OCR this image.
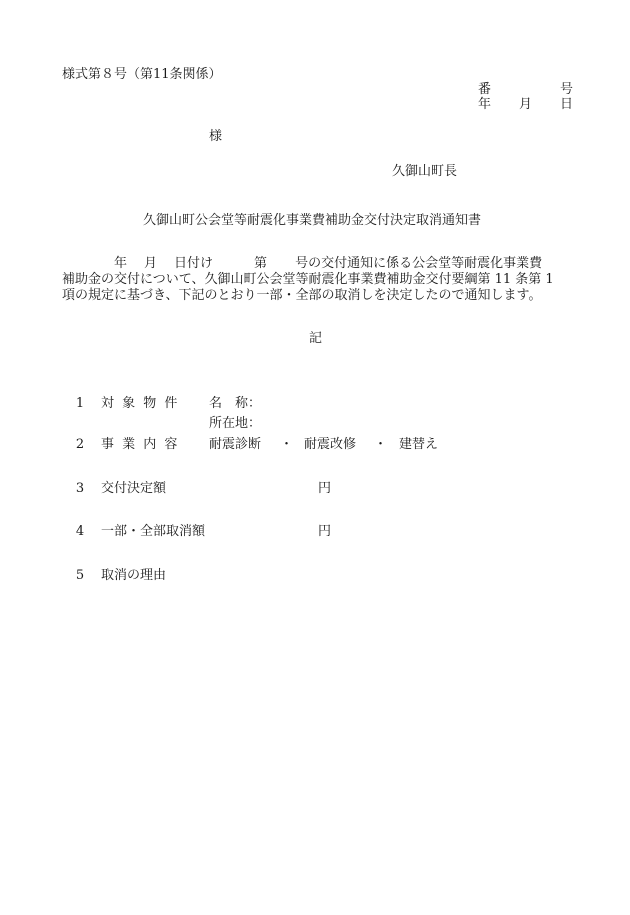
様式第８号（第11条関係）
番	号
年 月 日
様
久御山町長
久御山町公会堂等耐震化事業費補助金交付決定取消通知書
年 月 日付け	第 号の交付通知に係る公会堂等耐震化事業費
補助金の交付について、久御山町公会堂等耐震化事業費補助金交付要綱第 11 条第 1
項の規定に基づき、下記のとおり一部・全部の取消しを決定したので通知します。
記
1 対 象 物 件 名　称：
所在地：
2 事 業 内 容 耐震診断 ・ 耐震改修 ・ 建替え
3 交付決定額	円
4 一部・全部取消額	円
5 取消の理由
